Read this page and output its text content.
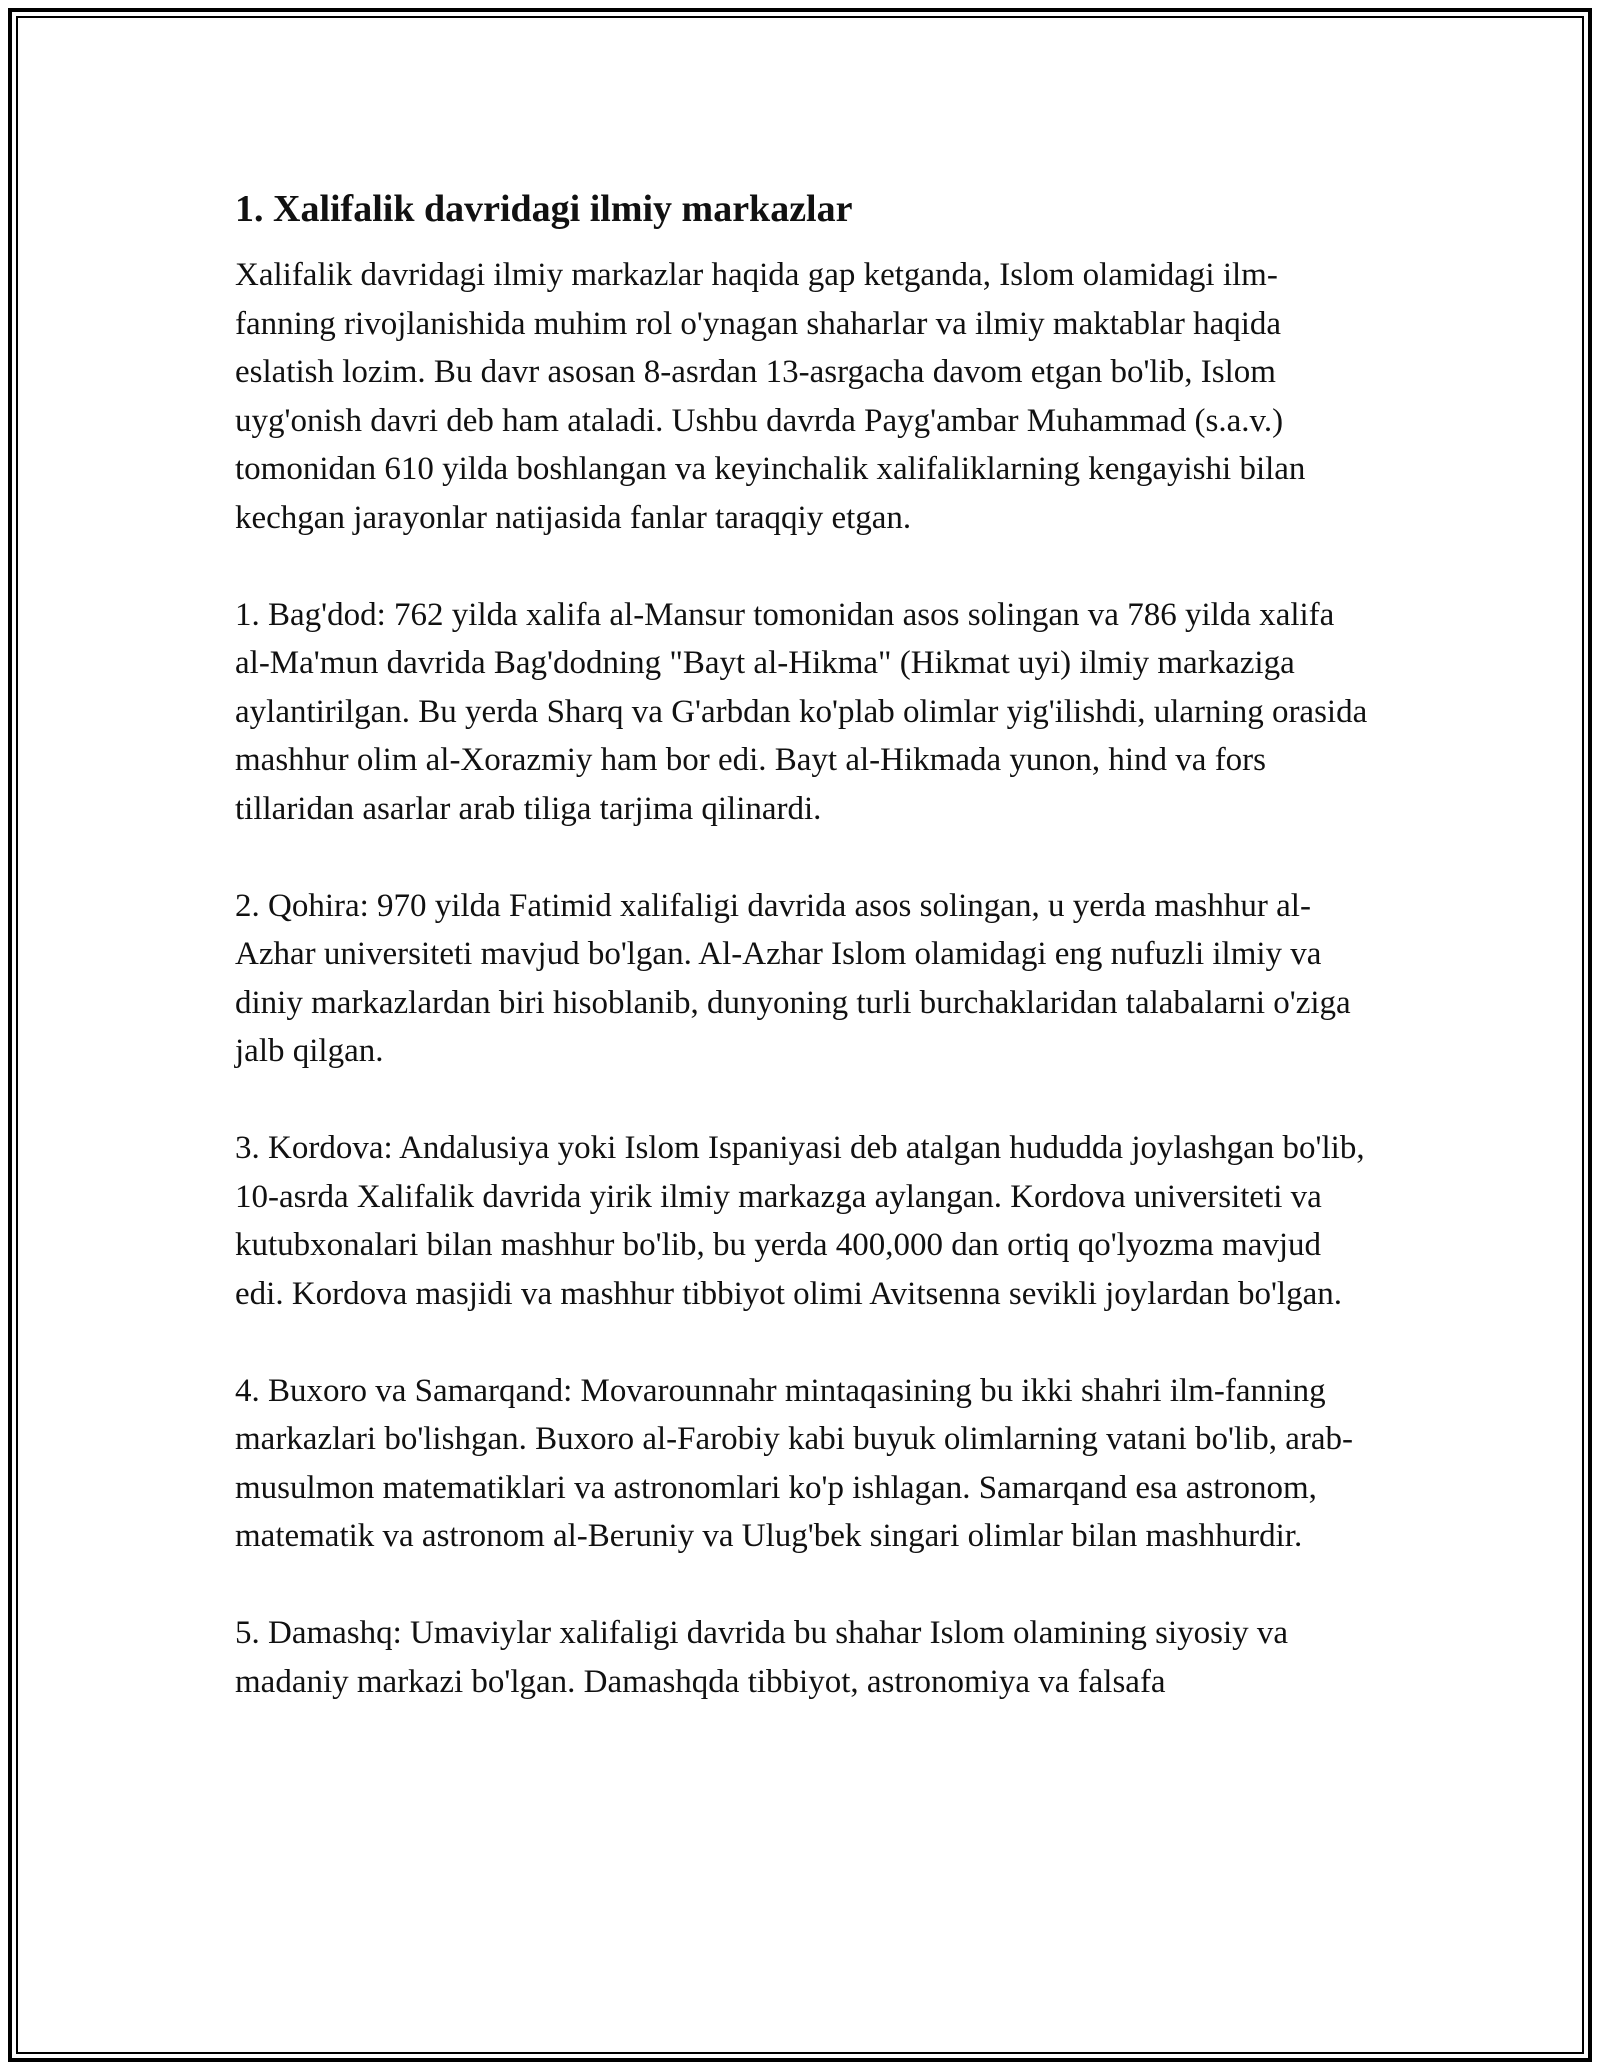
1. Xalifalik davridagi ilmiy markazlar

Xalifalik davridagi ilmiy markazlar haqida gap ketganda, Islom olamidagi ilm-fanning rivojlanishida muhim rol o'ynagan shaharlar va ilmiy maktablar haqida eslatish lozim. Bu davr asosan 8-asrdan 13-asrgacha davom etgan bo'lib, Islom uyg'onish davri deb ham ataladi. Ushbu davrda Payg'ambar Muhammad (s.a.v.) tomonidan 610 yilda boshlangan va keyinchalik xalifaliklarning kengayishi bilan kechgan jarayonlar natijasida fanlar taraqqiy etgan.

1. Bag'dod: 762 yilda xalifa al-Mansur tomonidan asos solingan va 786 yilda xalifa al-Ma'mun davrida Bag'dodning "Bayt al-Hikma" (Hikmat uyi) ilmiy markaziga aylantirilgan. Bu yerda Sharq va G'arbdan ko'plab olimlar yig'ilishdi, ularning orasida mashhur olim al-Xorazmiy ham bor edi. Bayt al-Hikmada yunon, hind va fors tillaridan asarlar arab tiliga tarjima qilinardi.

2. Qohira: 970 yilda Fatimid xalifaligi davrida asos solingan, u yerda mashhur al-Azhar universiteti mavjud bo'lgan. Al-Azhar Islom olamidagi eng nufuzli ilmiy va diniy markazlardan biri hisoblanib, dunyoning turli burchaklaridan talabalarni o'ziga jalb qilgan.

3. Kordova: Andalusiya yoki Islom Ispaniyasi deb atalgan hududda joylashgan bo'lib, 10-asrda Xalifalik davrida yirik ilmiy markazga aylangan. Kordova universiteti va kutubxonalari bilan mashhur bo'lib, bu yerda 400,000 dan ortiq qo'lyozma mavjud edi. Kordova masjidi va mashhur tibbiyot olimi Avitsenna sevikli joylardan bo'lgan.

4. Buxoro va Samarqand: Movarounnahr mintaqasining bu ikki shahri ilm-fanning markazlari bo'lishgan. Buxoro al-Farobiy kabi buyuk olimlarning vatani bo'lib, arab-musulmon matematiklari va astronomlari ko'p ishlagan. Samarqand esa astronom, matematik va astronom al-Beruniy va Ulug'bek singari olimlar bilan mashhurdir.

5. Damashq: Umaviylar xalifaligi davrida bu shahar Islom olamining siyosiy va madaniy markazi bo'lgan. Damashqda tibbiyot, astronomiya va falsafa
